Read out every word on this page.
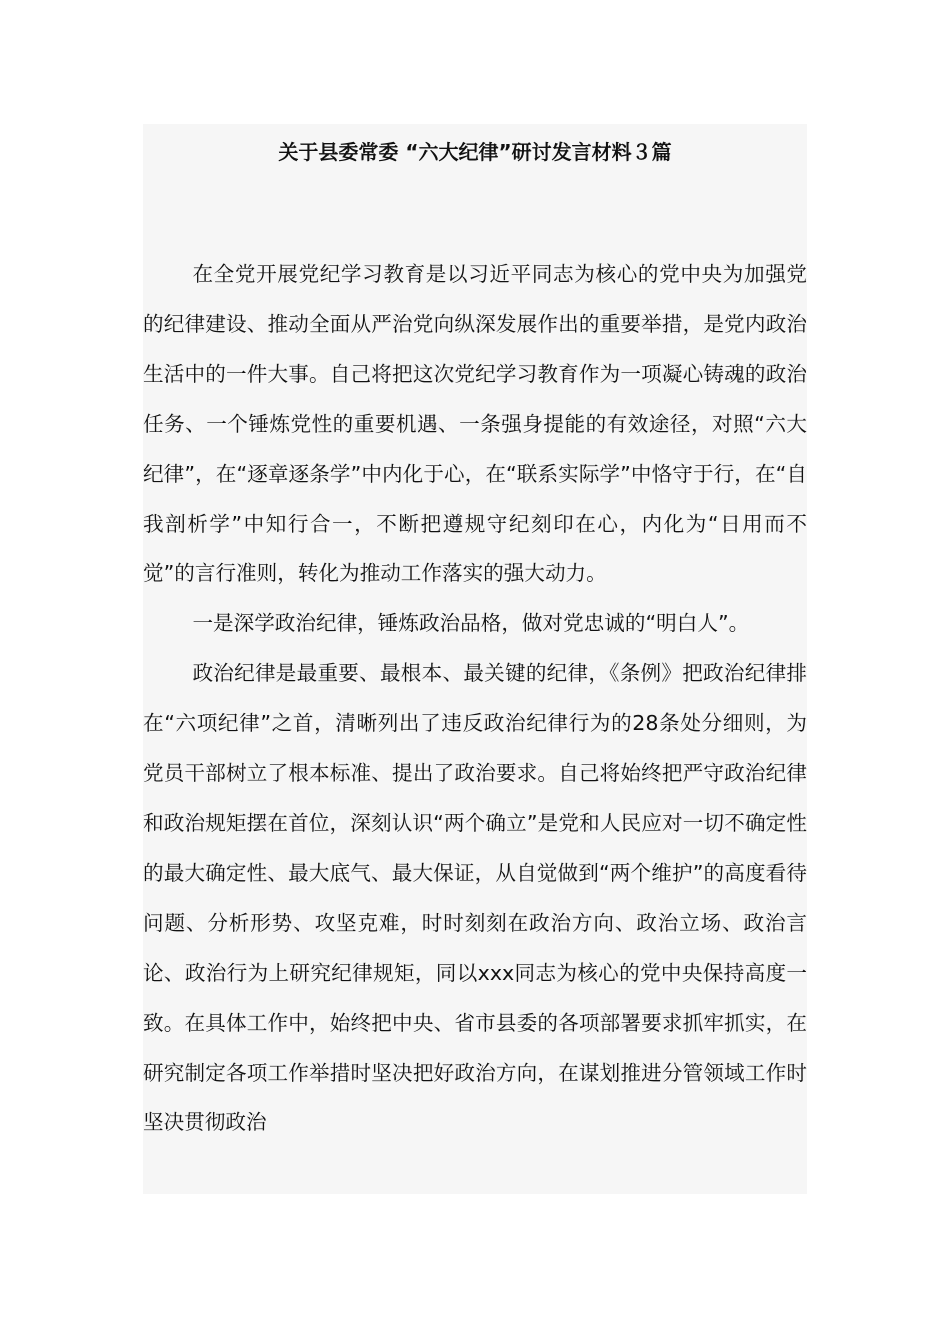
关于县委常委 “六大纪律”研讨发言材料３篇

在全党开展党纪学习教育是以习近平同志为核心的党中央为加强党的纪律建设、推动全面从严治党向纵深发展作出的重要举措，是党内政治生活中的一件大事。自己将把这次党纪学习教育作为一项凝心铸魂的政治任务、一个锤炼党性的重要机遇、一条强身提能的有效途径，对照“六大纪律”，在“逐章逐条学”中内化于心，在“联系实际学”中恪守于行，在“自我剖析学”中知行合一，不断把遵规守纪刻印在心，内化为“日用而不觉”的言行准则，转化为推动工作落实的强大动力。

一是深学政治纪律，锤炼政治品格，做对党忠诚的“明白人”。

政治纪律是最重要、最根本、最关键的纪律，《条例》把政治纪律排在“六项纪律”之首，清晰列出了违反政治纪律行为的28条处分细则，为党员干部树立了根本标准、提出了政治要求。自己将始终把严守政治纪律和政治规矩摆在首位，深刻认识“两个确立”是党和人民应对一切不确定性的最大确定性、最大底气、最大保证，从自觉做到“两个维护”的高度看待问题、分析形势、攻坚克难，时时刻刻在政治方向、政治立场、政治言论、政治行为上研究纪律规矩，同以xxx同志为核心的党中央保持高度一致。在具体工作中，始终把中央、省市县委的各项部署要求抓牢抓实，在研究制定各项工作举措时坚决把好政治方向，在谋划推进分管领域工作时坚决贯彻政治
